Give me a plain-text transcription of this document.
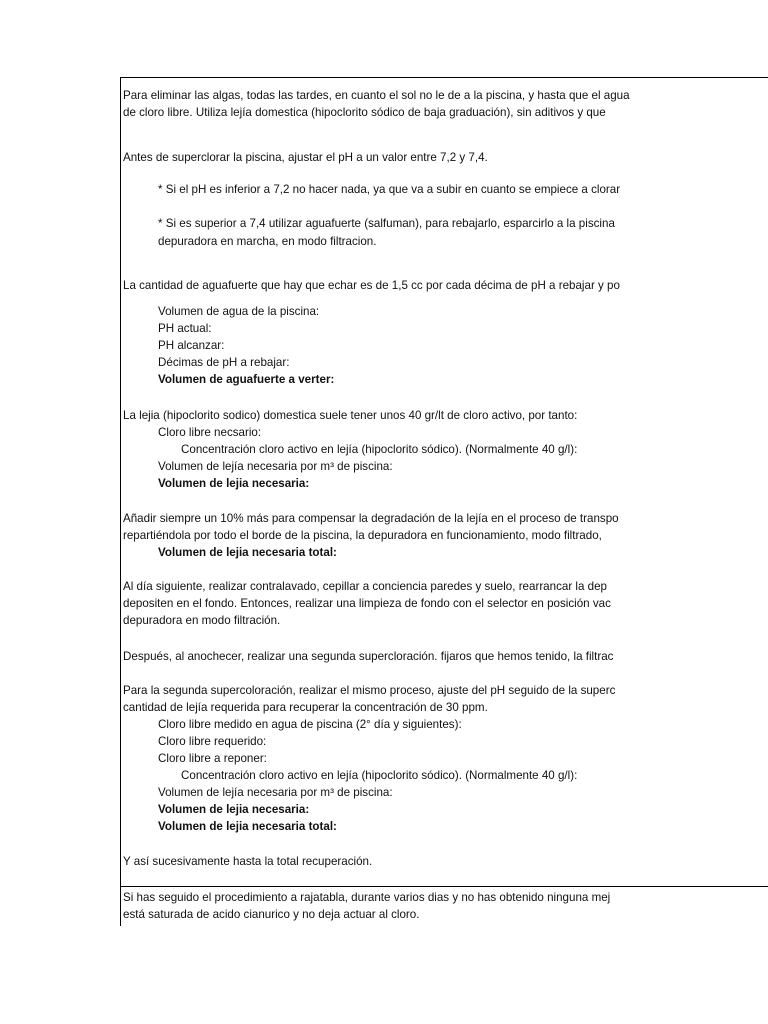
Para eliminar las algas, todas las tardes, en cuanto el sol no le de a la piscina, y hasta que el agua
de cloro libre. Utiliza lejía domestica (hipoclorito sódico de baja graduación), sin aditivos y que
Antes de superclorar la piscina, ajustar el pH a un valor entre 7,2 y 7,4.
* Si el pH es inferior a 7,2 no hacer nada, ya que va a subir en cuanto se empiece a clorar
* Si es superior a 7,4 utilizar aguafuerte (salfuman), para rebajarlo, esparcirlo a la piscina
depuradora en marcha, en modo filtracion.
La cantidad de aguafuerte que hay que echar es de 1,5 cc por cada décima de pH a rebajar y po
Volumen de agua de la piscina:
PH actual:
PH alcanzar:
Décimas de pH a rebajar:
Volumen de aguafuerte a verter:
La lejia (hipoclorito sodico) domestica suele tener unos 40 gr/lt de cloro activo, por tanto:
Cloro libre necsario:
Concentración cloro activo en lejía (hipoclorito sódico). (Normalmente 40 g/l):
Volumen de lejía necesaria por m³ de piscina:
Volumen de lejia necesaria:
Añadir siempre un 10% más para compensar la degradación de la lejía en el proceso de transpo
repartiéndola por todo el borde de la piscina, la depuradora en funcionamiento, modo filtrado,
Volumen de lejia necesaria total:
Al día siguiente, realizar contralavado, cepillar a conciencia paredes y suelo, rearrancar la dep
depositen en el fondo. Entonces, realizar una limpieza de fondo con el selector en posición vac
depuradora en modo filtración.
Después, al anochecer, realizar una segunda supercloración. fijaros que hemos tenido, la filtrac
Para la segunda supercoloración, realizar el mismo proceso, ajuste del pH seguido de la superc
cantidad de lejía requerida para recuperar la concentración de 30 ppm.
Cloro libre medido en agua de piscina (2° día y siguientes):
Cloro libre requerido:
Cloro libre a reponer:
Concentración cloro activo en lejía (hipoclorito sódico). (Normalmente 40 g/l):
Volumen de lejía necesaria por m³ de piscina:
Volumen de lejia necesaria:
Volumen de lejia necesaria total:
Y así sucesivamente hasta la total recuperación.
Si has seguido el procedimiento a rajatabla, durante varios dias y no has obtenido ninguna mej
está saturada de acido cianurico y no deja actuar al cloro.
